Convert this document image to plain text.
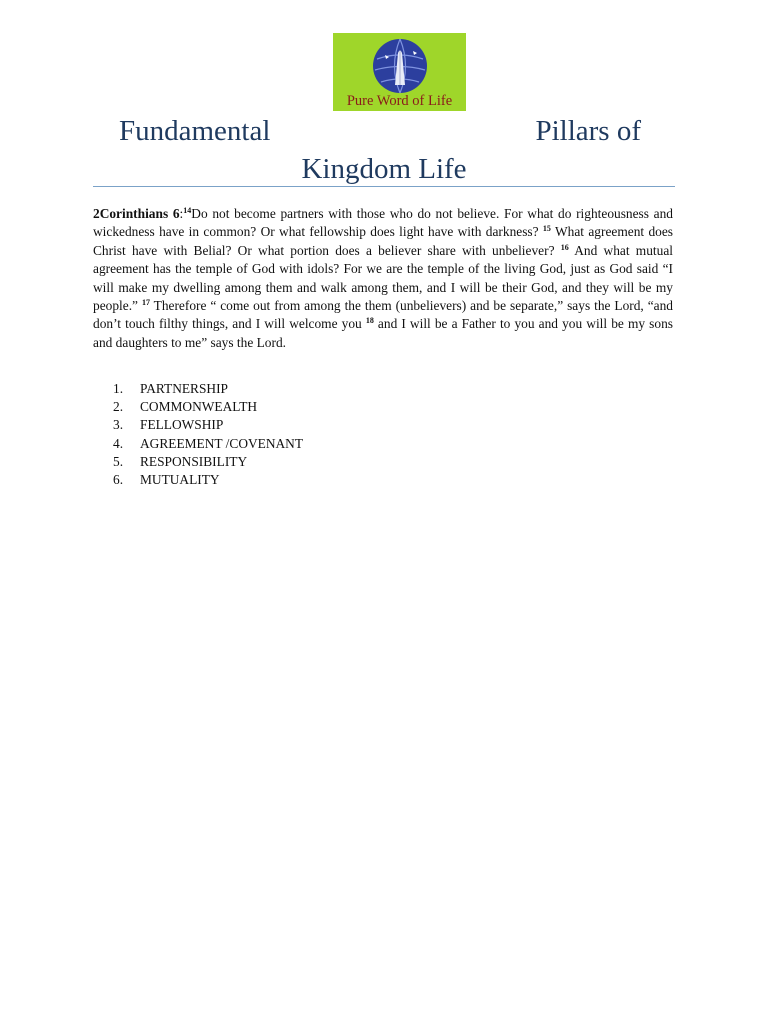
Pure Word of Life
Fundamental	Pillars of
Kingdom Life

2Corinthians 6:$^{14}$Do not become partners with those who do not believe. For what do righteousness and wickedness have in common? Or what fellowship does light have with darkness? $^{15}$ What agreement does Christ have with Belial? Or what portion does a believer share with unbeliever? $^{16}$ And what mutual agreement has the temple of God with idols? For we are the temple of the living God, just as God said “I will make my dwelling among them and walk among them, and I will be their God, and they will be my people.” $^{17}$ Therefore “ come out from among the them (unbelievers) and be separate,” says the Lord, “and don’t touch filthy things, and I will welcome you $^{18}$ and I will be a Father to you and you will be my sons and daughters to me” says the Lord.

1.	PARTNERSHIP
2.	COMMONWEALTH
3.	FELLOWSHIP
4.	AGREEMENT /COVENANT
5.	RESPONSIBILITY
6.	MUTUALITY
